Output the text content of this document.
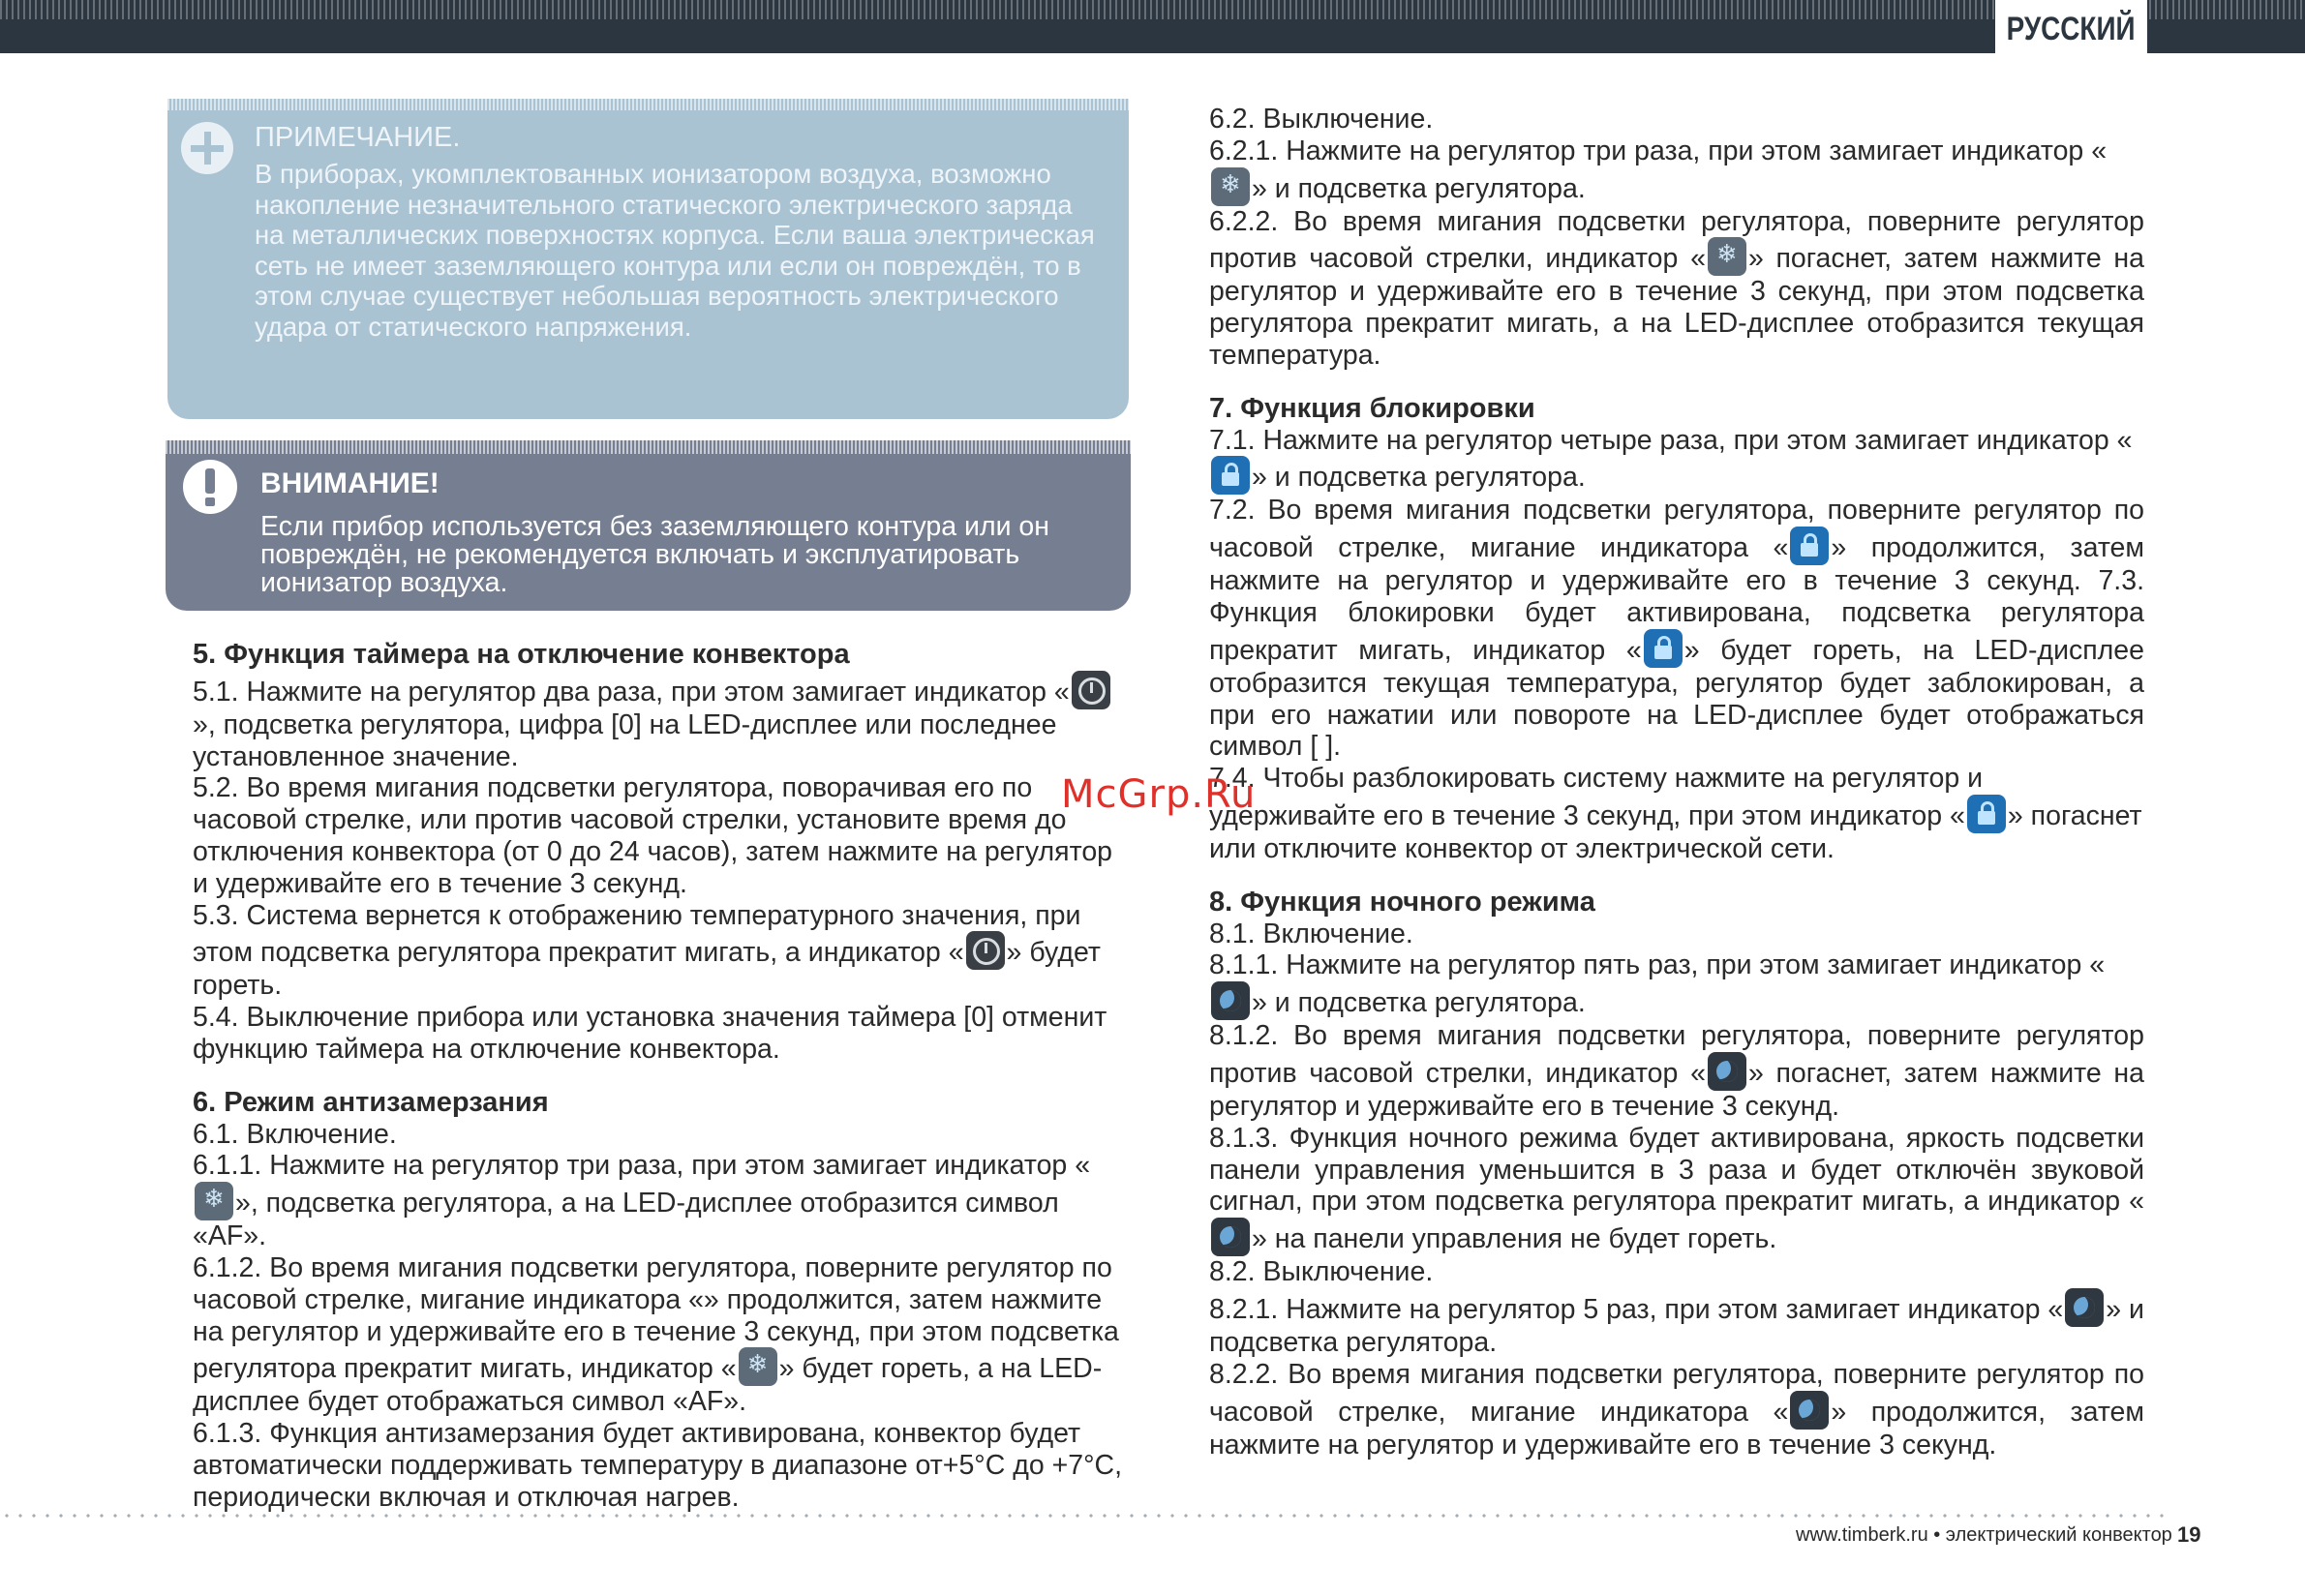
РУССКИЙ
ПРИМЕЧАНИЕ.
В приборах, укомплектованных ионизатором воздуха, возможно накопление незначительного статического электрического заряда на металлических поверхностях корпуса. Если ваша электрическая сеть не имеет заземляющего контура или если он повреждён, то в этом случае существует небольшая вероятность электрического удара от статического напряжения.
ВНИМАНИЕ!
Если прибор используется без заземляющего контура или он повреждён, не рекомендуется включать и эксплуатировать ионизатор воздуха.
5. Функция таймера на отключение конвектора

5.1. Нажмите на регулятор два раза, при этом замигает индикатор «», подсветка регулятора, цифра [0] на LED-дисплее или последнее установленное значение.

5.2. Во время мигания подсветки регулятора, поворачивая его по часовой стрелке, или против часовой стрелки, установите время до отключения конвектора (от 0 до 24 часов), затем нажмите на регулятор и удерживайте его в течение 3 секунд.

5.3. Система вернется к отображению температурного значения, при этом подсветка регулятора прекратит мигать, а индикатор « » будет гореть.

5.4. Выключение прибора или установка значения таймера [0] отменит функцию таймера на отключение конвектора.

6. Режим антизамерзания

6.1. Включение.

6.1.1. Нажмите на регулятор три раза, при этом замигает индикатор «❄», подсветка регулятора, а на LED-дисплее отобразится символ «AF».

6.1.2. Во время мигания подсветки регулятора, поверните регулятор по часовой стрелке, мигание индикатора «» продолжится, затем нажмите на регулятор и удерживайте его в течение 3 секунд, при этом подсветка регулятора прекратит мигать, индикатор « ❄ » будет гореть, а на LED-дисплее будет отображаться символ «AF».

6.1.3. Функция антизамерзания будет активирована, конвектор будет автоматически поддерживать температуру в диапазоне от+5°С до +7°С, периодически включая и отключая нагрев.

6.2. Выключение.

6.2.1. Нажмите на регулятор три раза, при этом замигает индикатор «❄» и подсветка регулятора.

6.2.2. Во время мигания подсветки регулятора, поверните регулятор против часовой стрелки, индикатор « ❄ » погаснет, затем нажмите на регулятор и удерживайте его в течение 3 секунд, при этом подсветка регулятора прекратит мигать, а на LED-дисплее отобразится текущая температура.

7. Функция блокировки

7.1. Нажмите на регулятор четыре раза, при этом замигает индикатор «» и подсветка регулятора.

7.2. Во время мигания подсветки регулятора, поверните регулятор по часовой стрелке, мигание индикатора « » продолжится, затем нажмите на регулятор и удерживайте его в течение 3 секунд. 7.3. Функция блокировки будет активирована, подсветка регулятора прекратит мигать, индикатор « » будет гореть, на LED-дисплее отобразится текущая температура, регулятор будет заблокирован, а при его нажатии или повороте на LED-дисплее будет отображаться символ [ ].

7.4. Чтобы разблокировать систему нажмите на регулятор и удерживайте его в течение 3 секунд, при этом индикатор « » погаснет или отключите конвектор от электрической сети.

8. Функция ночного режима

8.1. Включение.

8.1.1. Нажмите на регулятор пять раз, при этом замигает индикатор «» и подсветка регулятора.

8.1.2. Во время мигания подсветки регулятора, поверните регулятор против часовой стрелки, индикатор « » погаснет, затем нажмите на регулятор и удерживайте его в течение 3 секунд.

8.1.3. Функция ночного режима будет активирована, яркость подсветки панели управления уменьшится в 3 раза и будет отключён звуковой сигнал, при этом подсветка регулятора прекратит мигать, а индикатор «» на панели управления не будет гореть.

8.2. Выключение.

8.2.1. Нажмите на регулятор 5 раз, при этом замигает индикатор « » и подсветка регулятора.

8.2.2. Во время мигания подсветки регулятора, поверните регулятор по часовой стрелке, мигание индикатора « » продолжится, затем нажмите на регулятор и удерживайте его в течение 3 секунд.

McGrp.Ru
www.timberk.ru • электрический конвектор 19
